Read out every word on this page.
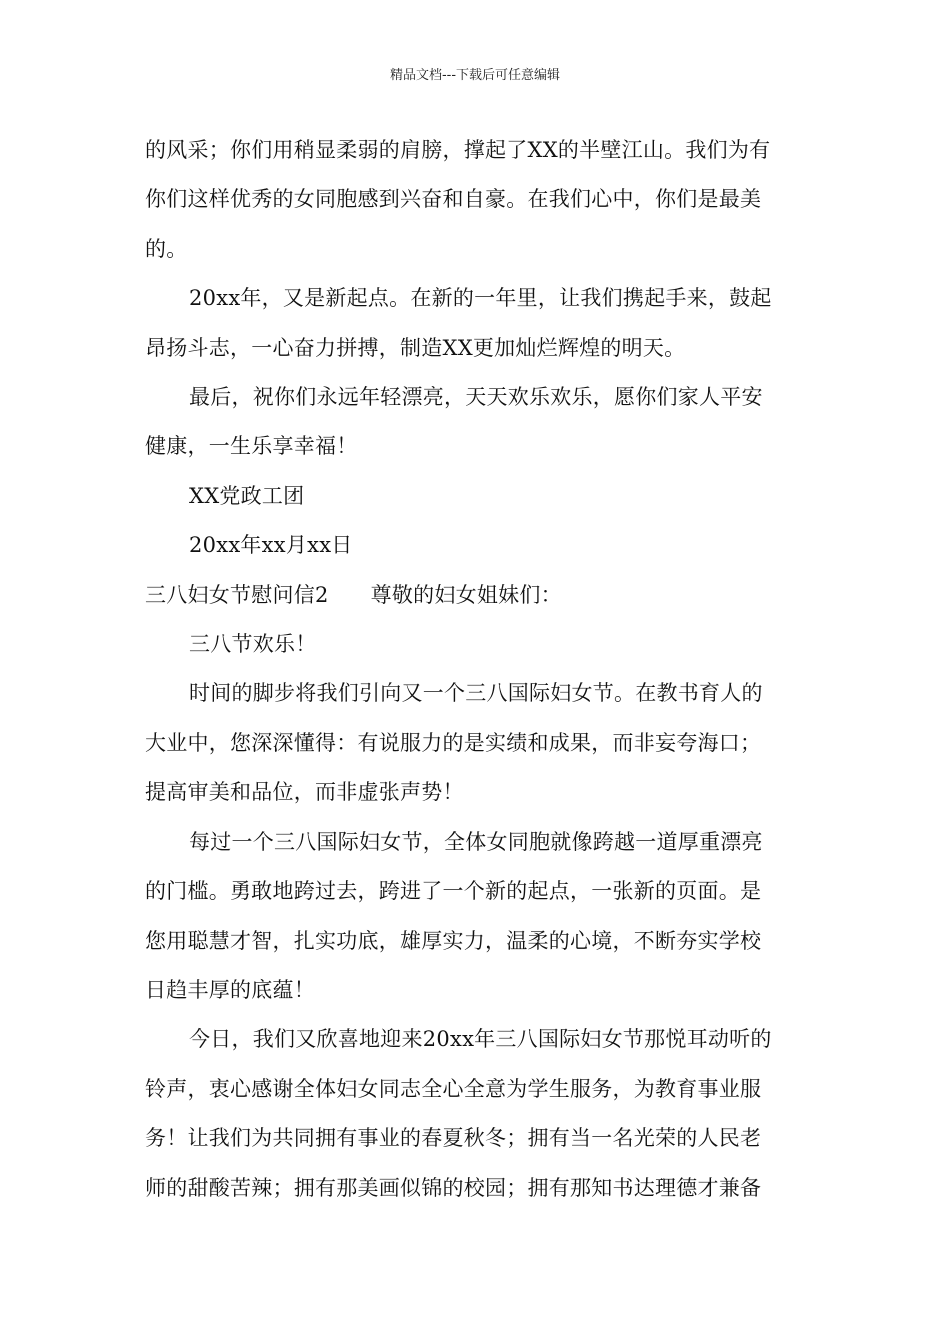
精品文档---下载后可任意编辑

的风采；你们用稍显柔弱的肩膀，撑起了XX的半壁江山。我们为有

你们这样优秀的女同胞感到兴奋和自豪。在我们心中，你们是最美

的。

20xx年，又是新起点。在新的一年里，让我们携起手来，鼓起

昂扬斗志，一心奋力拼搏，制造XX更加灿烂辉煌的明天。

最后，祝你们永远年轻漂亮，天天欢乐欢乐，愿你们家人平安

健康，一生乐享幸福！

XX党政工团

20xx年xx月xx日

三八妇女节慰问信2 尊敬的妇女姐妹们：

三八节欢乐！

时间的脚步将我们引向又一个三八国际妇女节。在教书育人的

大业中，您深深懂得：有说服力的是实绩和成果，而非妄夸海口；

提高审美和品位，而非虚张声势！

每过一个三八国际妇女节，全体女同胞就像跨越一道厚重漂亮

的门槛。勇敢地跨过去，跨进了一个新的起点，一张新的页面。是

您用聪慧才智，扎实功底，雄厚实力，温柔的心境，不断夯实学校

日趋丰厚的底蕴！

今日，我们又欣喜地迎来20xx年三八国际妇女节那悦耳动听的

铃声，衷心感谢全体妇女同志全心全意为学生服务，为教育事业服

务！让我们为共同拥有事业的春夏秋冬；拥有当一名光荣的人民老

师的甜酸苦辣；拥有那美画似锦的校园；拥有那知书达理德才兼备
